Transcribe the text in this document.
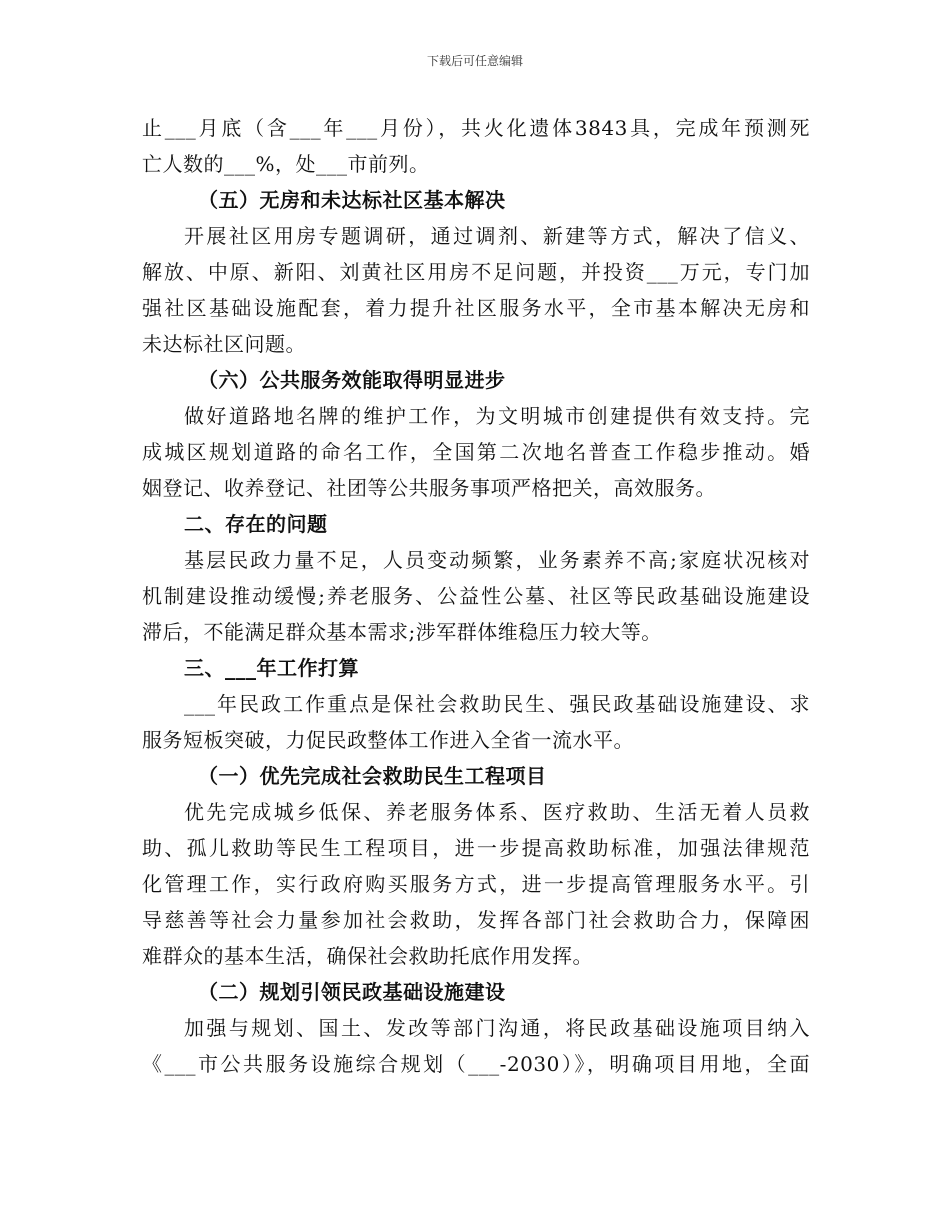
下载后可任意编辑
止___月底（含___年___月份），共火化遗体3843具，完成年预测死
亡人数的___%，处___市前列。
（五）无房和未达标社区基本解决
开展社区用房专题调研，通过调剂、新建等方式，解决了信义、
解放、中原、新阳、刘黄社区用房不足问题，并投资___万元，专门加
强社区基础设施配套，着力提升社区服务水平，全市基本解决无房和
未达标社区问题。
（六）公共服务效能取得明显进步
做好道路地名牌的维护工作，为文明城市创建提供有效支持。完
成城区规划道路的命名工作，全国第二次地名普查工作稳步推动。婚
姻登记、收养登记、社团等公共服务事项严格把关，高效服务。
二、存在的问题
基层民政力量不足，人员变动频繁，业务素养不高;家庭状况核对
机制建设推动缓慢;养老服务、公益性公墓、社区等民政基础设施建设
滞后，不能满足群众基本需求;涉军群体维稳压力较大等。
三、___年工作打算
___年民政工作重点是保社会救助民生、强民政基础设施建设、求
服务短板突破，力促民政整体工作进入全省一流水平。
（一）优先完成社会救助民生工程项目
优先完成城乡低保、养老服务体系、医疗救助、生活无着人员救
助、孤儿救助等民生工程项目，进一步提高救助标准，加强法律规范
化管理工作，实行政府购买服务方式，进一步提高管理服务水平。引
导慈善等社会力量参加社会救助，发挥各部门社会救助合力，保障困
难群众的基本生活，确保社会救助托底作用发挥。
（二）规划引领民政基础设施建设
加强与规划、国土、发改等部门沟通，将民政基础设施项目纳入
《___市公共服务设施综合规划（___-2030）》，明确项目用地，全面
